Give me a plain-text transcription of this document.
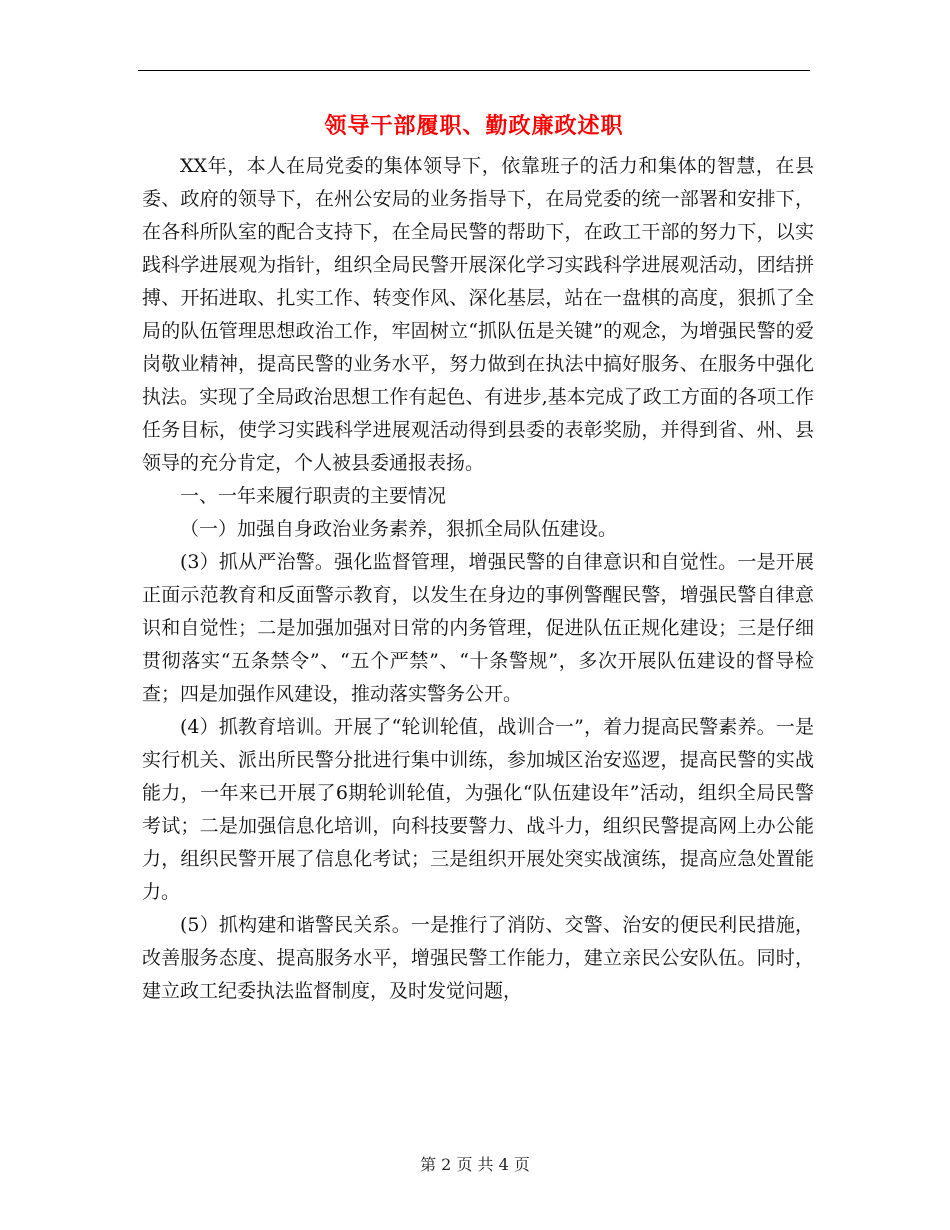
领导干部履职、勤政廉政述职

XX年，本人在局党委的集体领导下，依靠班子的活力和集体的智慧，在县委、政府的领导下，在州公安局的业务指导下，在局党委的统一部署和安排下，在各科所队室的配合支持下，在全局民警的帮助下，在政工干部的努力下，以实践科学进展观为指针，组织全局民警开展深化学习实践科学进展观活动，团结拼搏、开拓进取、扎实工作、转变作风、深化基层，站在一盘棋的高度，狠抓了全局的队伍管理思想政治工作，牢固树立“抓队伍是关键”的观念，为增强民警的爱岗敬业精神，提高民警的业务水平，努力做到在执法中搞好服务、在服务中强化执法。实现了全局政治思想工作有起色、有进步,基本完成了政工方面的各项工作任务目标，使学习实践科学进展观活动得到县委的表彰奖励，并得到省、州、县领导的充分肯定，个人被县委通报表扬。

一、一年来履行职责的主要情况

（一）加强自身政治业务素养，狠抓全局队伍建设。

(3）抓从严治警。强化监督管理，增强民警的自律意识和自觉性。一是开展正面示范教育和反面警示教育，以发生在身边的事例警醒民警，增强民警自律意识和自觉性；二是加强加强对日常的内务管理，促进队伍正规化建设；三是仔细贯彻落实“五条禁令”、“五个严禁”、“十条警规”，多次开展队伍建设的督导检查；四是加强作风建设，推动落实警务公开。

(4）抓教育培训。开展了“轮训轮值，战训合一”，着力提高民警素养。一是实行机关、派出所民警分批进行集中训练，参加城区治安巡逻，提高民警的实战能力，一年来已开展了6期轮训轮值，为强化“队伍建设年”活动，组织全局民警考试；二是加强信息化培训，向科技要警力、战斗力，组织民警提高网上办公能力，组织民警开展了信息化考试；三是组织开展处突实战演练，提高应急处置能力。

(5）抓构建和谐警民关系。一是推行了消防、交警、治安的便民利民措施，改善服务态度、提高服务水平，增强民警工作能力，建立亲民公安队伍。同时，建立政工纪委执法监督制度，及时发觉问题，

第 2 页 共 4 页
